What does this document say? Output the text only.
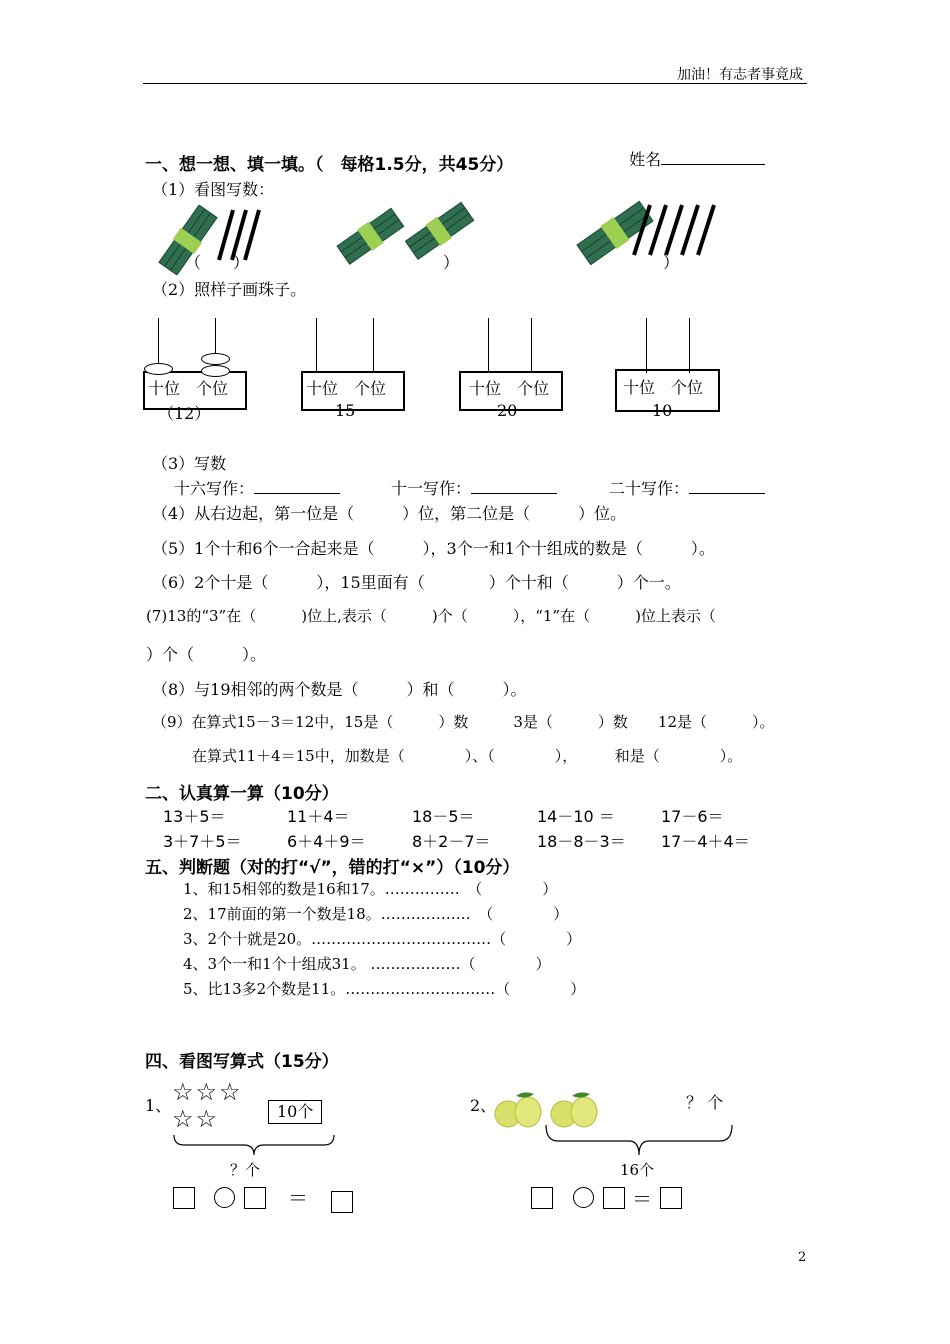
加油！有志者事竟成

姓名

一、想一想、填一填。（　每格1.5分，共45分）
（1）看图写数：
（　　）	）	）
（2）照样子画珠子。
十位　个位
（12）
十位　个位
15
十位　个位
20
十位　个位
10
（3）写数
十六写作：	十一写作：	二十写作：
（4）从右边起，第一位是（　　　）位，第二位是（　　　）位。
（5）1个十和6个一合起来是（　　　），3个一和1个十组成的数是（　　　）。
（6）2个十是（　　　），15里面有（　　　　）个十和（　　　）个一。
(7)13的“3”在（　　　)位上,表示（　　　)个（　　　），“1”在（　　　)位上表示（
）个（　　　）。
（8）与19相邻的两个数是（　　　）和（　　　）。
（9）在算式15－3＝12中，15是（　　　）数　　　3是（　　　）数　　12是（　　　）。
在算式11＋4＝15中，加数是（　　　　）、（　　　　），　　　和是（　　　　）。
二、认真算一算（10分）
13＋5＝	11＋4＝	18－5＝	14－10 ＝	17－6＝
3＋7＋5＝	6＋4＋9＝	8＋2－7＝	18－8－3＝ 17－4＋4＝
五、判断题（对的打“√”，错的打“×”）（10分）
1、和15相邻的数是16和17。……………　（　　　　）
2、17前面的第一个数是18。………………　（　　　　）
3、2个十就是20。………………………………（　　　　）
4、3个一和1个十组成31。 ………………（　　　　）
5、比13多2个数是11。…………………………（　　　　）
四、看图写算式（15分）
1、 ☆☆☆
☆☆	10个
？个
＝
2、	？ 个
16个
＝
2
